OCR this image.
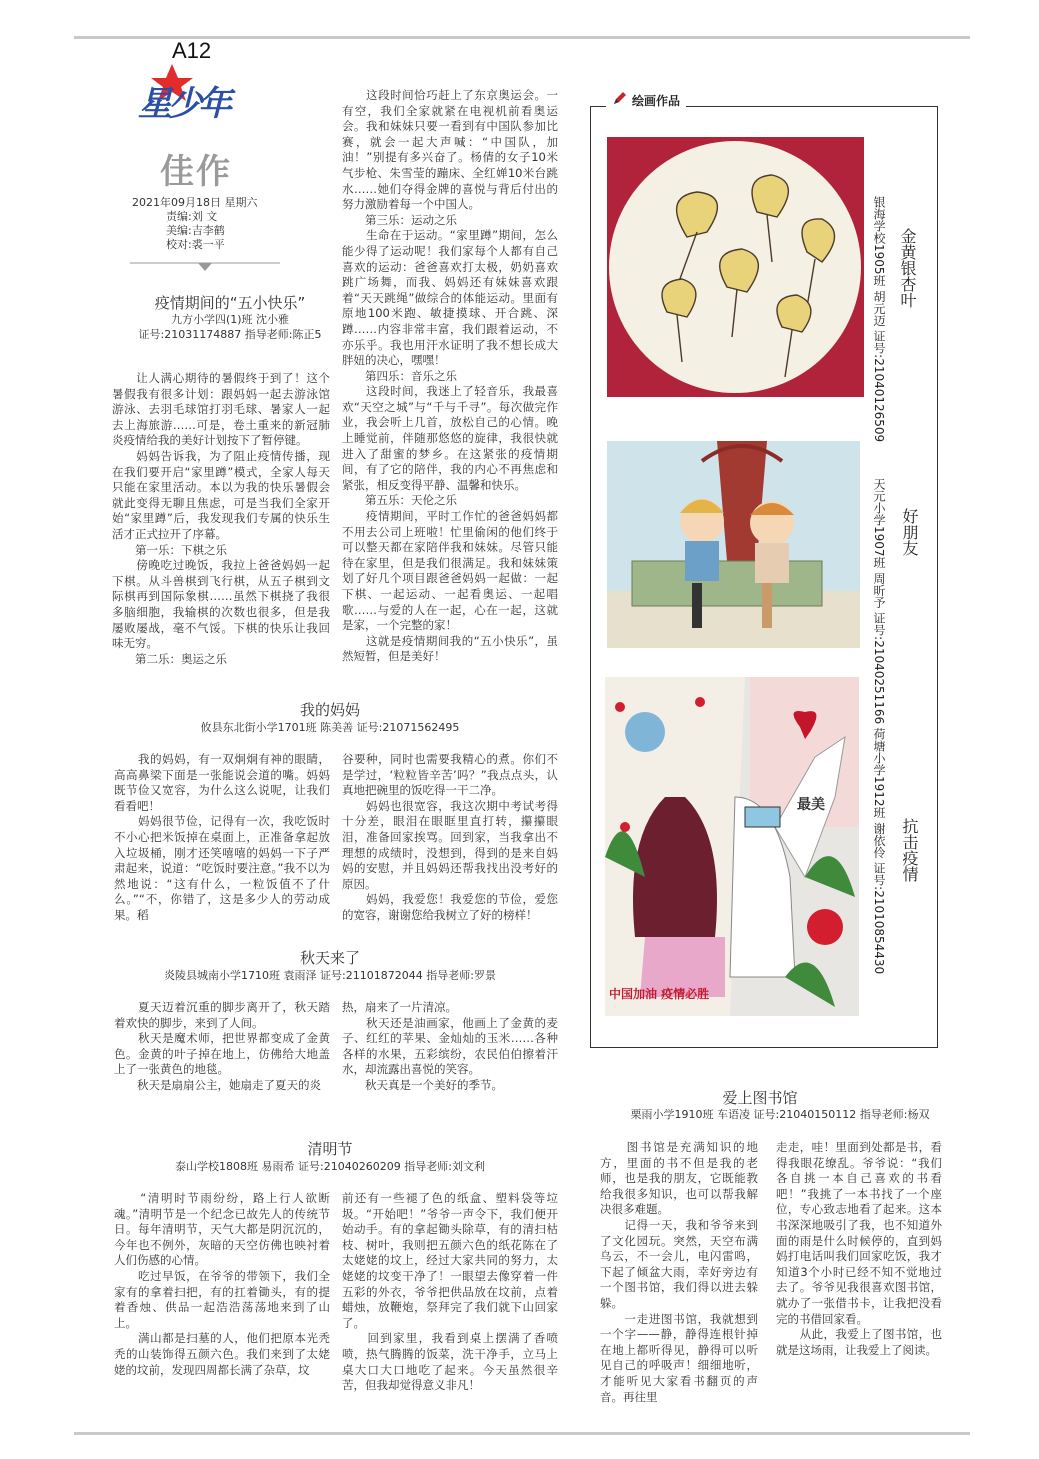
A12
星少年
佳作
2021年09月18日 星期六
责编:刘 文
美编:吉李鹤
校对:裘一平
疫情期间的“五小快乐”
九方小学四(1)班 沈小雅
证号:21031174887 指导老师:陈正5
　　让人满心期待的暑假终于到了！这个暑假我有很多计划：跟妈妈一起去游泳馆游泳、去羽毛球馆打羽毛球、暑家人一起去上海旅游……可是，卷土重来的新冠肺炎疫情给我的美好计划按下了暂停键。
　　妈妈告诉我，为了阻止疫情传播，现在我们要开启“家里蹲”模式，全家人每天只能在家里活动。本以为我的快乐暑假会就此变得无聊且焦虑，可是当我们全家开始“家里蹲”后，我发现我们专属的快乐生活才正式拉开了序幕。
　　第一乐：下棋之乐
　　傍晚吃过晚饭，我拉上爸爸妈妈一起下棋。从斗兽棋到飞行棋，从五子棋到文际棋再到国际象棋……虽然下棋挠了我很多脑细胞，我输棋的次数也很多，但是我屡败屡战，毫不气馁。下棋的快乐让我回味无穷。
　　第二乐：奥运之乐
　　这段时间恰巧赶上了东京奥运会。一有空，我们全家就紧在电视机前看奥运会。我和妹妹只要一看到有中国队参加比赛，就会一起大声喊：“中国队，加油！”别提有多兴奋了。杨倩的女子10米气步枪、朱雪莹的蹦床、全红婵10米台跳水……她们夺得金牌的喜悦与背后付出的努力激励着每一个中国人。
　　第三乐：运动之乐
　　生命在于运动。“家里蹲”期间，怎么能少得了运动呢！我们家每个人都有自己喜欢的运动：爸爸喜欢打太极，奶奶喜欢跳广场舞，而我、妈妈还有妹妹喜欢跟着“天天跳绳”做综合的体能运动。里面有原地100米跑、敏捷摸球、开合跳、深蹲……内容非常丰富，我们跟着运动，不亦乐乎。我也用汗水证明了我不想长成大胖妞的决心，嘿嘿！
　　第四乐：音乐之乐
　　这段时间，我迷上了轻音乐，我最喜欢“天空之城”与“千与千寻”。每次做完作业，我会听上几首，放松自己的心情。晚上睡觉前，伴随那悠悠的旋律，我很快就进入了甜蜜的梦乡。在这紧张的疫情期间，有了它的陪伴，我的内心不再焦虑和紧张，相反变得平静、温馨和快乐。
　　第五乐：天伦之乐
　　疫情期间，平时工作忙的爸爸妈妈都不用去公司上班啦！忙里偷闲的他们终于可以整天都在家陪伴我和妹妹。尽管只能待在家里，但是我们很满足。我和妹妹策划了好几个项目跟爸爸妈妈一起做：一起下棋、一起运动、一起看奥运、一起唱歌……与爱的人在一起，心在一起，这就是家，一个完整的家！
　　这就是疫情期间我的“五小快乐”，虽然短暂，但是美好！
我的妈妈
攸县东北街小学1701班 陈美善 证号:21071562495
　　我的妈妈，有一双炯炯有神的眼睛，高高鼻梁下面是一张能说会道的嘴。妈妈既节俭又宽容，为什么这么说呢，让我们看看吧！
　　妈妈很节俭，记得有一次，我吃饭时不小心把米饭掉在桌面上，正准备拿起放入垃圾桶，刚才还笑嘻嘻的妈妈一下子严肃起来，说道：“吃饭时要注意。”我不以为然地说：“这有什么，一粒饭值不了什么。”“不，你错了，这是多少人的劳动成果。稻
谷要种，同时也需要我精心的煮。你们不是学过，‘粒粒皆辛苦’吗？”我点点头，认真地把碗里的饭吃得一干二净。
　　妈妈也很宽容，我这次期中考试考得十分差，眼泪在眼眶里直打转，攥攥眼泪，准备回家挨骂。回到家，当我拿出不理想的成绩时，没想到，得到的是来自妈妈的安慰，并且妈妈还帮我找出没考好的原因。
　　妈妈，我爱您！我爱您的节俭，爱您的宽容，谢谢您给我树立了好的榜样！
秋天来了
炎陵县城南小学1710班 袁雨泽 证号:21101872044 指导老师:罗景
　　夏天迈着沉重的脚步离开了，秋天踏着欢快的脚步，来到了人间。
　　秋天是魔术师，把世界都变成了金黄色。金黄的叶子掉在地上，仿佛给大地盖上了一张黄色的地毯。
　　秋天是扇扇公主，她扇走了夏天的炎
热，扇来了一片清凉。
　　秋天还是油画家，他画上了金黄的麦子、红红的苹果、金灿灿的玉米……各种各样的水果，五彩缤纷，农民伯伯擦着汗水，却流露出喜悦的笑容。
　　秋天真是一个美好的季节。
清明节
泰山学校1808班 易雨希 证号:21040260209 指导老师:刘文利
　　“清明时节雨纷纷，路上行人欲断魂。”清明节是一个纪念已故先人的传统节日。每年清明节，天气大都是阴沉沉的，今年也不例外，灰暗的天空仿佛也映衬着人们伤感的心情。
　　吃过早饭，在爷爷的带领下，我们全家有的拿着扫把，有的扛着锄头，有的提着香烛、供品一起浩浩荡荡地来到了山上。
　　满山都是扫墓的人，他们把原本光秃秃的山装饰得五颜六色。我们来到了太姥姥的坟前，发现四周都长满了杂草，坟
前还有一些褪了色的纸盒、塑料袋等垃圾。“开始吧！”爷爷一声令下，我们便开始动手。有的拿起锄头除草，有的清扫枯枝、树叶，我则把五颜六色的纸花陈在了太姥姥的坟上，经过大家共同的努力，太姥姥的坟变干净了！一眼望去像穿着一件五彩的外衣，爷爷把供品放在坟前，点着蜡烛，放鞭炮，祭拜完了我们就下山回家了。
　　回到家里，我看到桌上摆满了香喷喷，热气腾腾的饭菜，洗干净手，立马上桌大口大口地吃了起来。今天虽然很辛苦，但我却觉得意义非凡！
爱上图书馆
栗雨小学1910班 车语凌 证号:21040150112 指导老师:杨双
　　图书馆是充满知识的地方，里面的书不但是我的老师，也是我的朋友，它既能教给我很多知识，也可以帮我解决很多难题。
　　记得一天，我和爷爷来到了文化园玩。突然，天空布满乌云，不一会儿，电闪雷鸣，下起了倾盆大雨，幸好旁边有一个图书馆，我们得以进去躲躲。
　　一走进图书馆，我就想到一个字——静，静得连根针掉在地上都听得见，静得可以听见自己的呼吸声！细细地听，才能听见大家看书翻页的声音。再往里
走走，哇！里面到处都是书，看得我眼花缭乱。爷爷说：“我们各自挑一本自己喜欢的书看吧！”我挑了一本书找了一个座位，专心致志地看了起来。这本书深深地吸引了我，也不知道外面的雨是什么时候停的，直到妈妈打电话叫我们回家吃饭，我才知道3个小时已经不知不觉地过去了。爷爷见我很喜欢图书馆，就办了一张借书卡，让我把没看完的书借回家看。
　　从此，我爱上了图书馆，也就是这场雨，让我爱上了阅读。
绘画作品
金黄银杏叶
银海学校1905班 胡元迈 证号:21040126509
好朋友
天元小学1907班 周昕予 证号:21040251166
最美
中国加油 疫情必胜
抗击疫情
荷塘小学1912班 谢依伶 证号:21010854430
